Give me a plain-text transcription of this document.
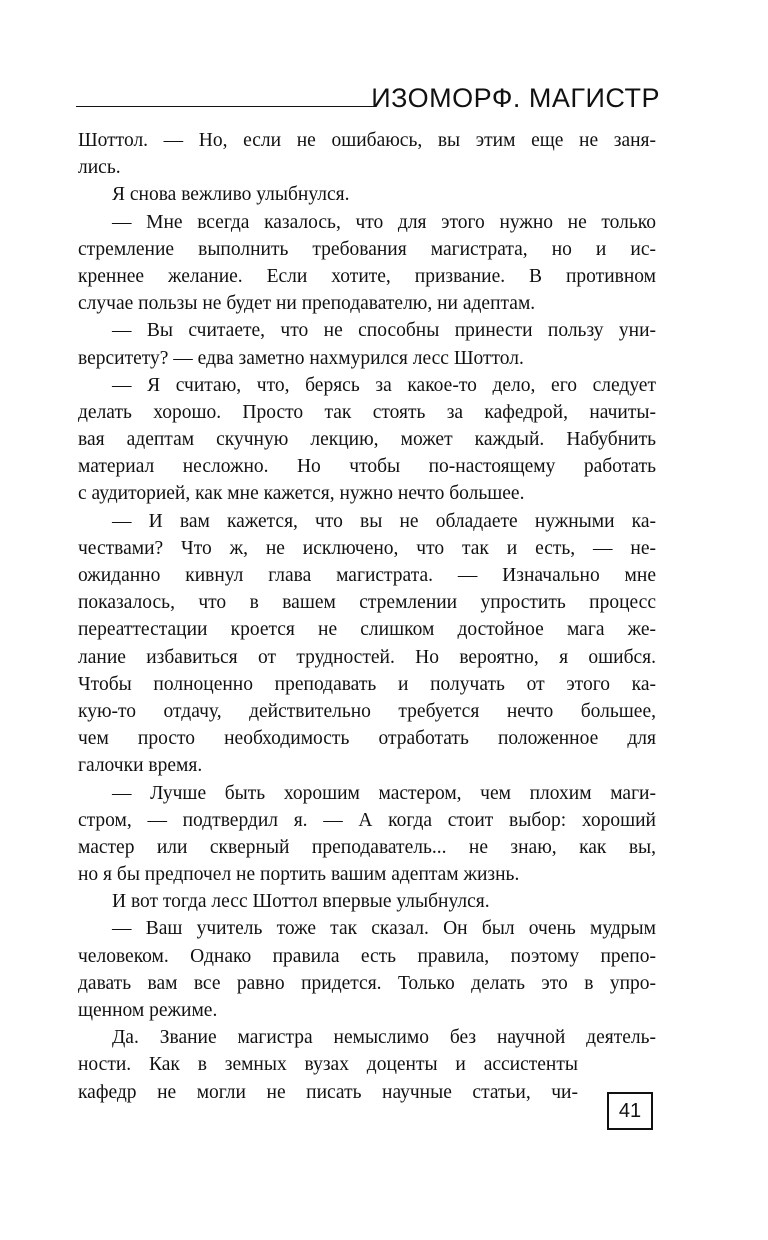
ИЗОМОРФ. МАГИСТР
Шоттол. — Но, если не ошибаюсь, вы этим еще не заня-
лись.
Я снова вежливо улыбнулся.
— Мне всегда казалось, что для этого нужно не только
стремление выполнить требования магистрата, но и ис-
креннее желание. Если хотите, призвание. В противном
случае пользы не будет ни преподавателю, ни адептам.
— Вы считаете, что не способны принести пользу уни-
верситету? — едва заметно нахмурился лесс Шоттол.
— Я считаю, что, берясь за какое-то дело, его следует
делать хорошо. Просто так стоять за кафедрой, начиты-
вая адептам скучную лекцию, может каждый. Набубнить
материал несложно. Но чтобы по-настоящему работать
с аудиторией, как мне кажется, нужно нечто большее.
— И вам кажется, что вы не обладаете нужными ка-
чествами? Что ж, не исключено, что так и есть, — не-
ожиданно кивнул глава магистрата. — Изначально мне
показалось, что в вашем стремлении упростить процесс
переаттестации кроется не слишком достойное мага же-
лание избавиться от трудностей. Но вероятно, я ошибся.
Чтобы полноценно преподавать и получать от этого ка-
кую-то отдачу, действительно требуется нечто большее,
чем просто необходимость отработать положенное для
галочки время.
— Лучше быть хорошим мастером, чем плохим маги-
стром, — подтвердил я. — А когда стоит выбор: хороший
мастер или скверный преподаватель... не знаю, как вы,
но я бы предпочел не портить вашим адептам жизнь.
И вот тогда лесс Шоттол впервые улыбнулся.
— Ваш учитель тоже так сказал. Он был очень мудрым
человеком. Однако правила есть правила, поэтому препо-
давать вам все равно придется. Только делать это в упро-
щенном режиме.
Да. Звание магистра немыслимо без научной деятель-
ности. Как в земных вузах доценты и ассистенты
кафедр не могли не писать научные статьи, чи-
41
